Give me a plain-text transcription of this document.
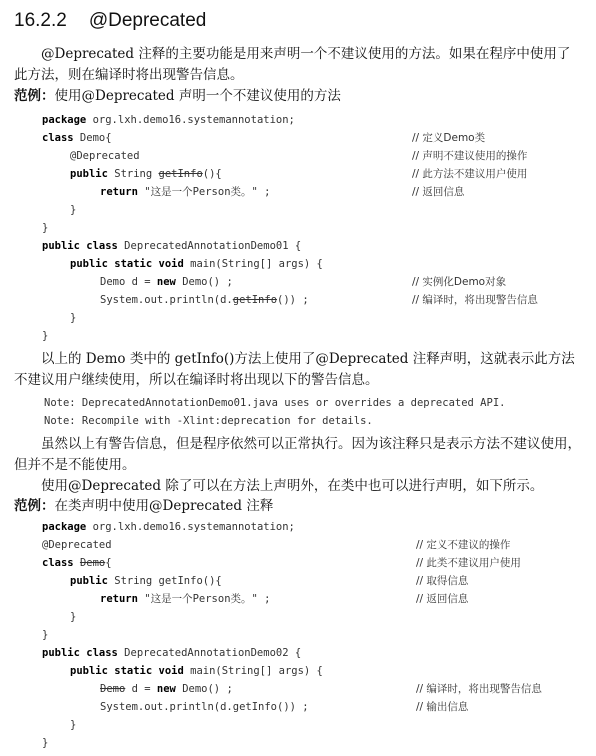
16.2.2 @Deprecated

@Deprecated 注释的主要功能是用来声明一个不建议使用的方法。如果在程序中使用了此方法，则在编译时将出现警告信息。

范例：使用@Deprecated 声明一个不建议使用的方法
package org.lxh.demo16.systemannotation;
class Demo{	// 定义Demo类
@Deprecated	// 声明不建议使用的操作
public String getInfo(){	// 此方法不建议用户使用
return "这是一个Person类。" ;	// 返回信息
}
}
public class DeprecatedAnnotationDemo01 {
public static void main(String[] args) {
Demo d = new Demo() ;	// 实例化Demo对象
System.out.println(d.getInfo()) ;	// 编译时，将出现警告信息
}
}

以上的 Demo 类中的 getInfo()方法上使用了@Deprecated 注释声明，这就表示此方法不建议用户继续使用，所以在编译时将出现以下的警告信息。

Note: DeprecatedAnnotationDemo01.java uses or overrides a deprecated API.
Note: Recompile with -Xlint:deprecation for details.

虽然以上有警告信息，但是程序依然可以正常执行。因为该注释只是表示方法不建议使用，但并不是不能使用。

使用@Deprecated 除了可以在方法上声明外，在类中也可以进行声明，如下所示。

范例：在类声明中使用@Deprecated 注释
package org.lxh.demo16.systemannotation;
@Deprecated	// 定义不建议的操作
class Demo{	// 此类不建议用户使用
public String getInfo(){	// 取得信息
return "这是一个Person类。" ;	// 返回信息
}
}
public class DeprecatedAnnotationDemo02 {
public static void main(String[] args) {
Demo d = new Demo() ;	// 编译时，将出现警告信息
System.out.println(d.getInfo()) ;	// 输出信息
}
}
